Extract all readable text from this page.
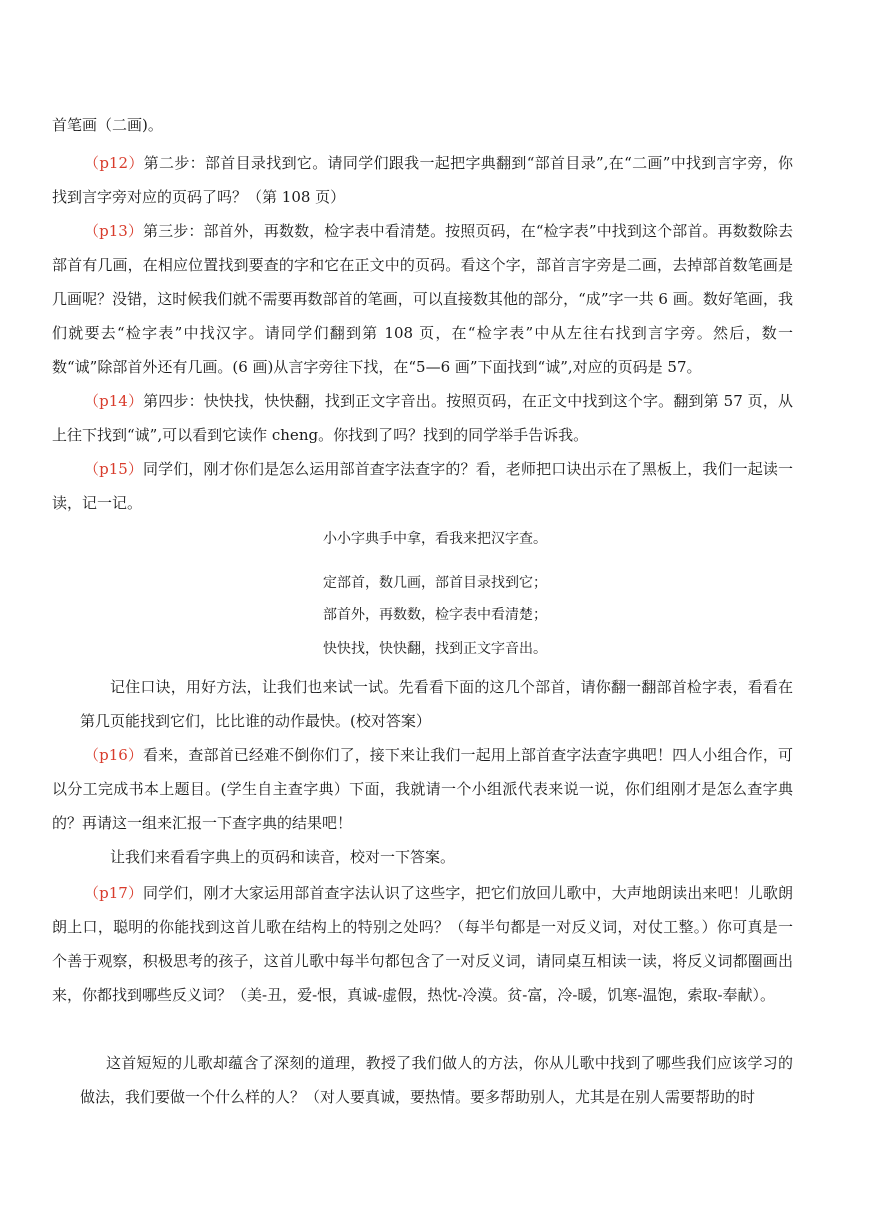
首笔画（二画)。
（p12）第二步：部首目录找到它。请同学们跟我一起把字典翻到“部首目录”,在“二画”中找到言字旁，你找到言字旁对应的页码了吗？（第 108 页）
（p13）第三步：部首外，再数数，检字表中看清楚。按照页码，在“检字表”中找到这个部首。再数数除去部首有几画，在相应位置找到要查的字和它在正文中的页码。看这个字，部首言字旁是二画，去掉部首数笔画是几画呢？没错，这时候我们就不需要再数部首的笔画，可以直接数其他的部分，“成”字一共 6 画。数好笔画，我们就要去“检字表”中找汉字。请同学们翻到第 108 页，在“检字表”中从左往右找到言字旁。然后，数一数“诚”除部首外还有几画。(6 画)从言字旁往下找，在“5—6 画”下面找到“诚”,对应的页码是 57。
（p14）第四步：快快找，快快翻，找到正文字音出。按照页码，在正文中找到这个字。翻到第 57 页，从上往下找到“诚”,可以看到它读作 cheng。你找到了吗？找到的同学举手告诉我。
（p15）同学们，刚才你们是怎么运用部首查字法查字的？看，老师把口诀出示在了黑板上，我们一起读一读，记一记。
小小字典手中拿，看我来把汉字查。
定部首，数几画，部首目录找到它；
部首外，再数数，检字表中看清楚；
快快找，快快翻，找到正文字音出。
记住口诀，用好方法，让我们也来试一试。先看看下面的这几个部首，请你翻一翻部首检字表，看看在第几页能找到它们，比比谁的动作最快。(校对答案）
（p16）看来，查部首已经难不倒你们了，接下来让我们一起用上部首查字法查字典吧！四人小组合作，可以分工完成书本上题目。(学生自主查字典）下面，我就请一个小组派代表来说一说，你们组刚才是怎么查字典的？再请这一组来汇报一下查字典的结果吧！
让我们来看看字典上的页码和读音，校对一下答案。
（p17）同学们，刚才大家运用部首查字法认识了这些字，把它们放回儿歌中，大声地朗读出来吧！儿歌朗朗上口，聪明的你能找到这首儿歌在结构上的特别之处吗？（每半句都是一对反义词，对仗工整。）你可真是一个善于观察，积极思考的孩子，这首儿歌中每半句都包含了一对反义词，请同桌互相读一读，将反义词都圈画出来，你都找到哪些反义词？（美-丑，爱-恨，真诚-虚假，热忱-冷漠。贫-富，冷-暖，饥寒-温饱，索取-奉献）。
这首短短的儿歌却蕴含了深刻的道理，教授了我们做人的方法，你从儿歌中找到了哪些我们应该学习的做法，我们要做一个什么样的人？（对人要真诚，要热情。要多帮助别人，尤其是在别人需要帮助的时
